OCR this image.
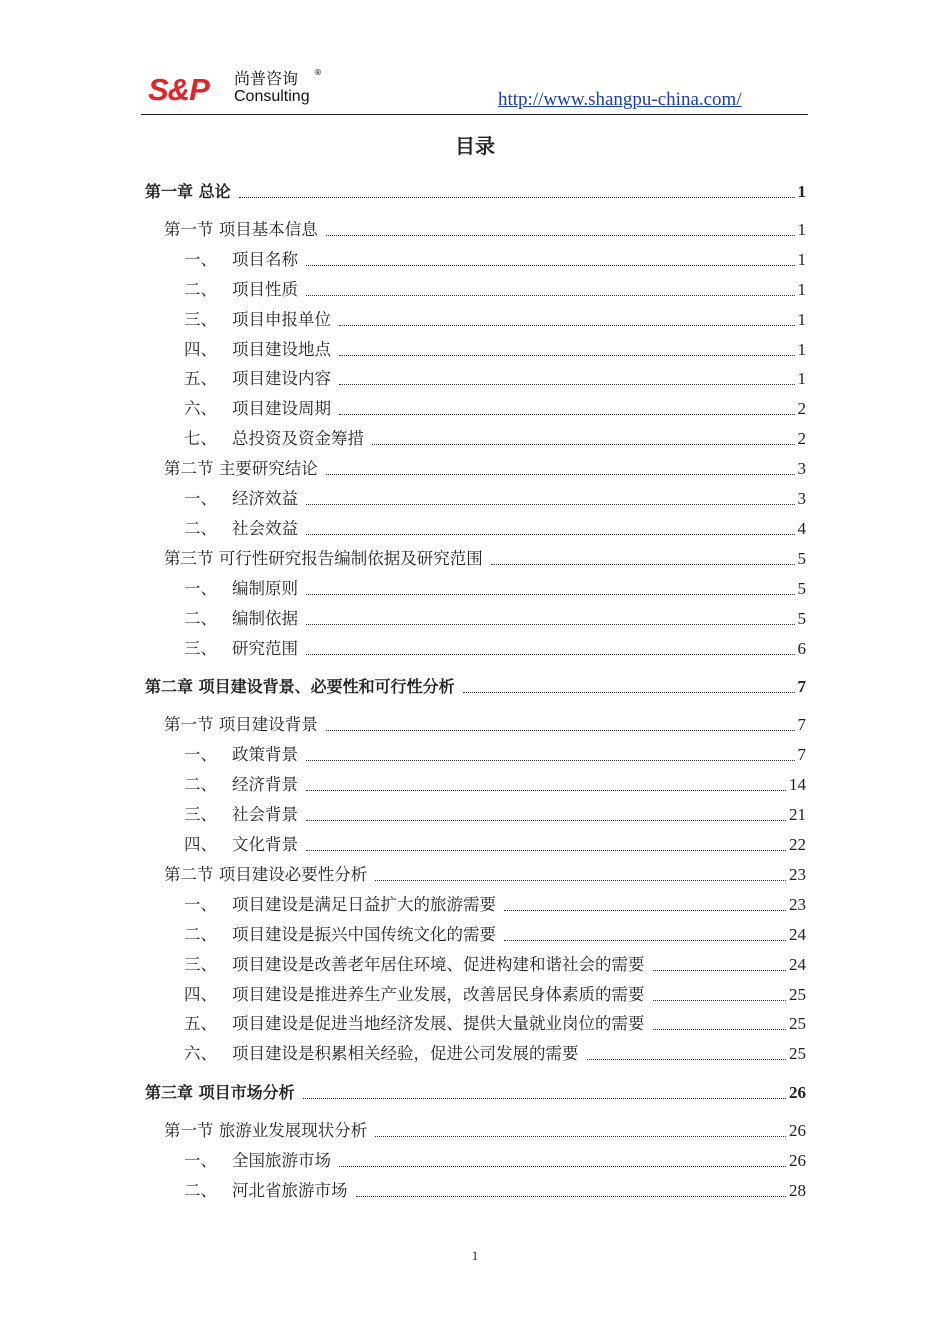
S&P 尚普咨询 ®
Consulting	http://www.shangpu-china.com/
目录
第一章 总论	1
第一节 项目基本信息	1
一、 项目名称	1
二、 项目性质	1
三、 项目申报单位	1
四、 项目建设地点	1
五、 项目建设内容	1
六、 项目建设周期	2
七、 总投资及资金筹措	2
第二节 主要研究结论	3
一、 经济效益	3
二、 社会效益	4
第三节 可行性研究报告编制依据及研究范围	5
一、 编制原则	5
二、 编制依据	5
三、 研究范围	6
第二章 项目建设背景、必要性和可行性分析	7
第一节 项目建设背景	7
一、 政策背景	7
二、 经济背景	14
三、 社会背景	21
四、 文化背景	22
第二节 项目建设必要性分析	23
一、 项目建设是满足日益扩大的旅游需要	23
二、 项目建设是振兴中国传统文化的需要	24
三、 项目建设是改善老年居住环境、促进构建和谐社会的需要	24
四、 项目建设是推进养生产业发展，改善居民身体素质的需要	25
五、 项目建设是促进当地经济发展、提供大量就业岗位的需要	25
六、 项目建设是积累相关经验，促进公司发展的需要	25
第三章 项目市场分析	26
第一节 旅游业发展现状分析	26
一、 全国旅游市场	26
二、 河北省旅游市场	28
1
